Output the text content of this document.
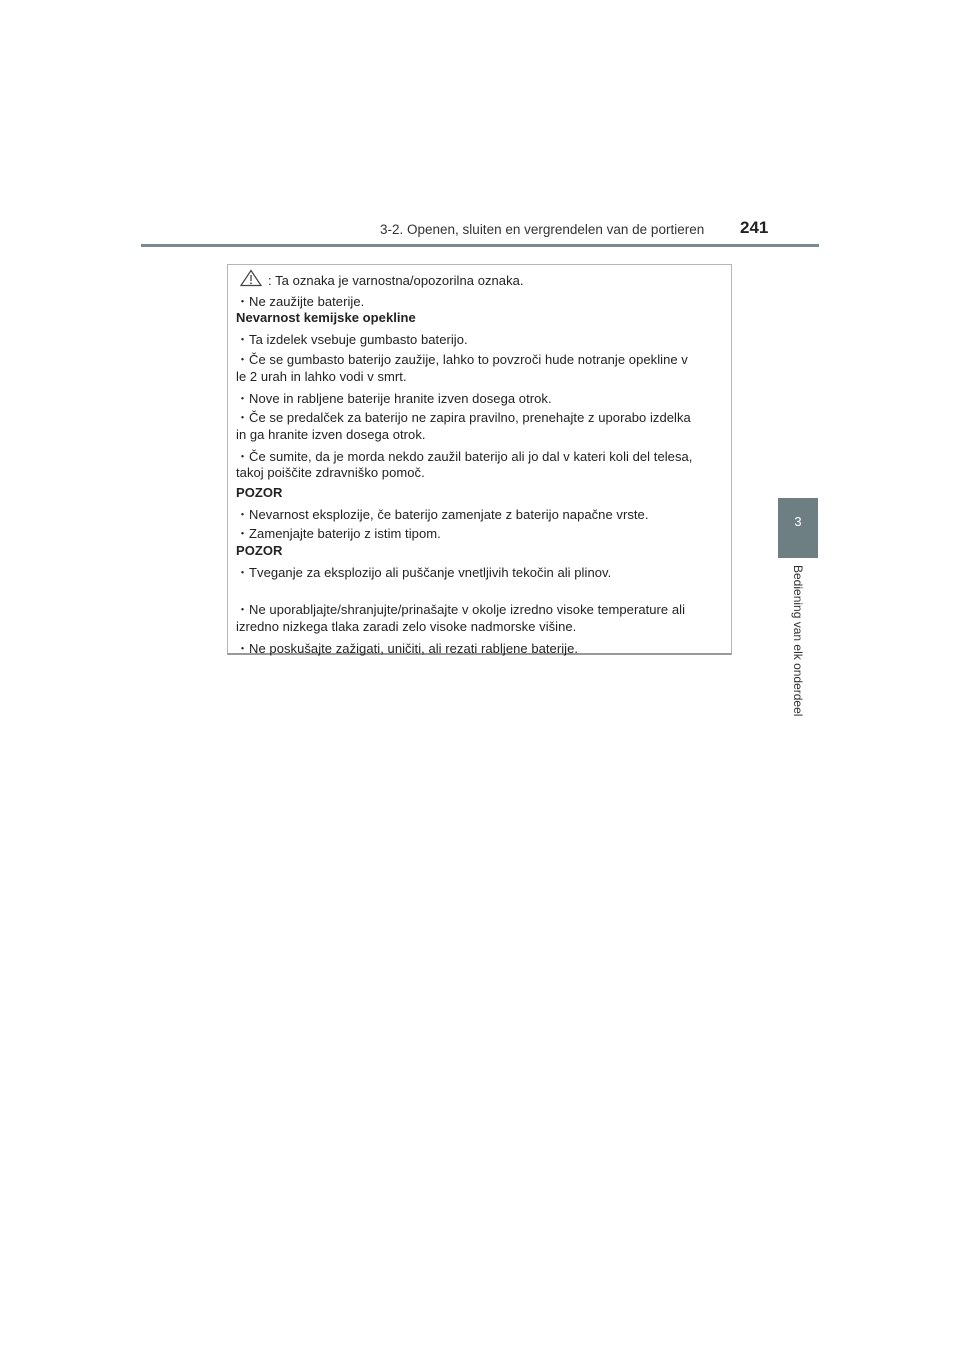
3-2. Openen, sluiten en vergrendelen van de portieren 241
3
Bediening van elk onderdeel
: Ta oznaka je varnostna/opozorilna oznaka.
・Ne zaužijte baterije.
Nevarnost kemijske opekline
・Ta izdelek vsebuje gumbasto baterijo.
・Če se gumbasto baterijo zaužije, lahko to povzroči hude notranje opekline v
le 2 urah in lahko vodi v smrt.
・Nove in rabljene baterije hranite izven dosega otrok.
・Če se predalček za baterijo ne zapira pravilno, prenehajte z uporabo izdelka
in ga hranite izven dosega otrok.
・Če sumite, da je morda nekdo zaužil baterijo ali jo dal v kateri koli del telesa,
takoj poiščite zdravniško pomoč.
POZOR
・Nevarnost eksplozije, če baterijo zamenjate z baterijo napačne vrste.
・Zamenjajte baterijo z istim tipom.
POZOR
・Tveganje za eksplozijo ali puščanje vnetljivih tekočin ali plinov.
・Ne uporabljajte/shranjujte/prinašajte v okolje izredno visoke temperature ali
izredno nizkega tlaka zaradi zelo visoke nadmorske višine.
・Ne poskušajte zažigati, uničiti, ali rezati rabljene baterije.
